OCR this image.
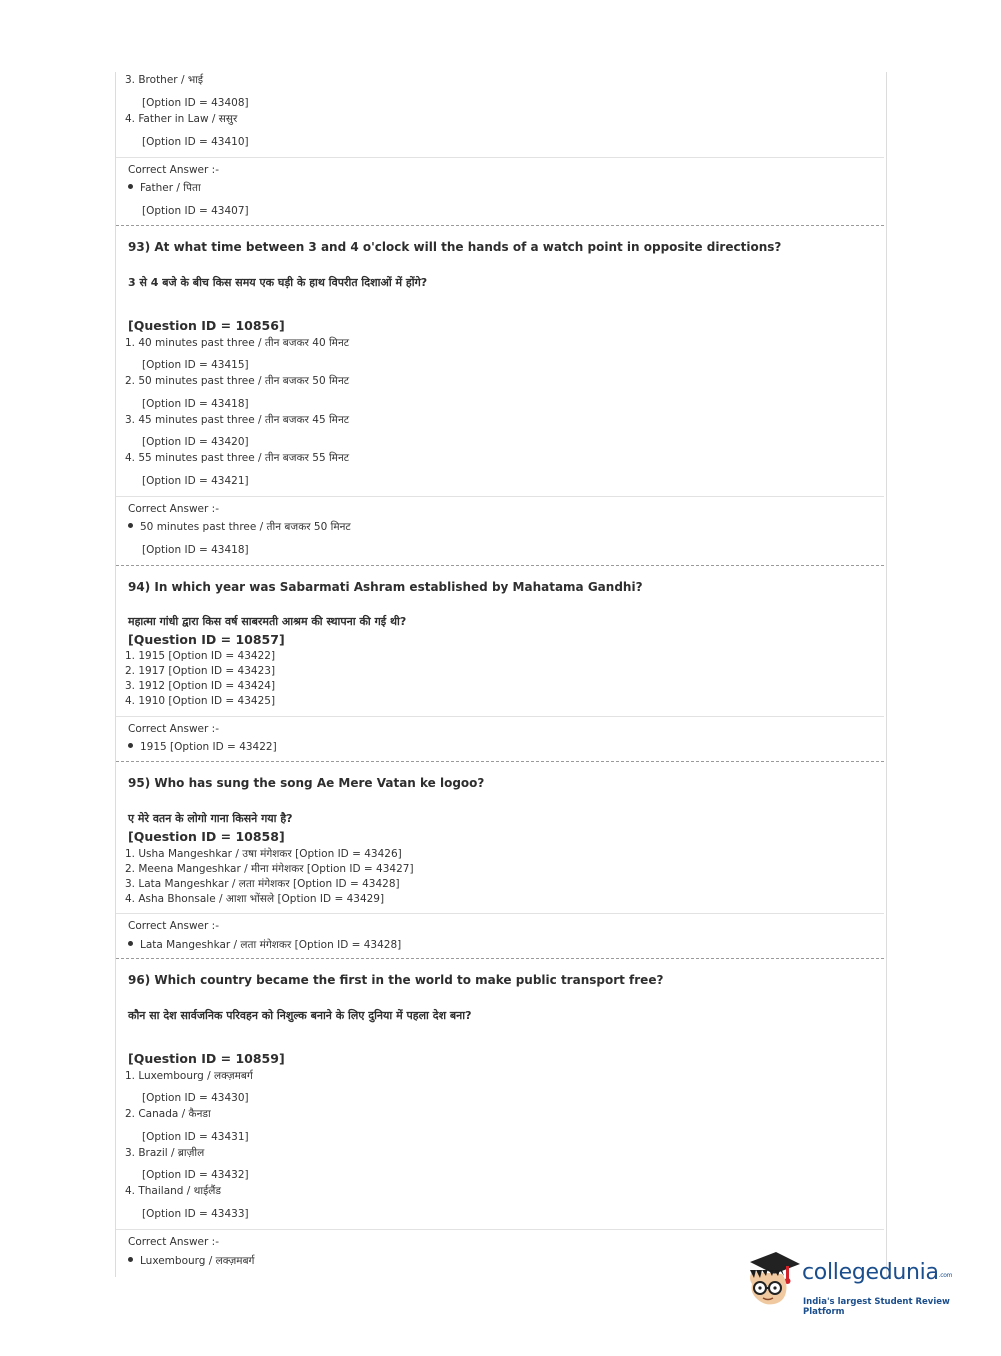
3. Brother / भाई
[Option ID = 43408]
4. Father in Law / ससुर
[Option ID = 43410]
Correct Answer :-
Father / पिता
[Option ID = 43407]
93) At what time between 3 and 4 o'clock will the hands of a watch point in opposite directions?
3 से 4 बजे के बीच किस समय एक घड़ी के हाथ विपरीत दिशाओं में होंगे?
[Question ID = 10856]
1. 40 minutes past three / तीन बजकर 40 मिनट
[Option ID = 43415]
2. 50 minutes past three / तीन बजकर 50 मिनट
[Option ID = 43418]
3. 45 minutes past three / तीन बजकर 45 मिनट
[Option ID = 43420]
4. 55 minutes past three / तीन बजकर 55 मिनट
[Option ID = 43421]
Correct Answer :-
50 minutes past three / तीन बजकर 50 मिनट
[Option ID = 43418]
94) In which year was Sabarmati Ashram established by Mahatama Gandhi?
महात्मा गांधी द्वारा किस वर्ष साबरमती आश्रम की स्थापना की गई थी?
[Question ID = 10857]
1. 1915 [Option ID = 43422]
2. 1917 [Option ID = 43423]
3. 1912 [Option ID = 43424]
4. 1910 [Option ID = 43425]
Correct Answer :-
1915 [Option ID = 43422]
95) Who has sung the song Ae Mere Vatan ke logoo?
ए मेरे वतन के लोगो गाना किसने गया है?
[Question ID = 10858]
1. Usha Mangeshkar / उषा मंगेशकर [Option ID = 43426]
2. Meena Mangeshkar / मीना मंगेशकर [Option ID = 43427]
3. Lata Mangeshkar / लता मंगेशकर [Option ID = 43428]
4. Asha Bhonsale / आशा भोंसले [Option ID = 43429]
Correct Answer :-
Lata Mangeshkar / लता मंगेशकर [Option ID = 43428]
96) Which country became the first in the world to make public transport free?
कौन सा देश सार्वजनिक परिवहन को निशुल्क बनाने के लिए दुनिया में पहला देश बना?
[Question ID = 10859]
1. Luxembourg / लक्ज़मबर्ग
[Option ID = 43430]
2. Canada / कैनडा
[Option ID = 43431]
3. Brazil / ब्राज़ील
[Option ID = 43432]
4. Thailand / थाईलैंड
[Option ID = 43433]
Correct Answer :-
Luxembourg / लक्ज़मबर्ग	collegedunia.com
India's largest Student Review Platform
